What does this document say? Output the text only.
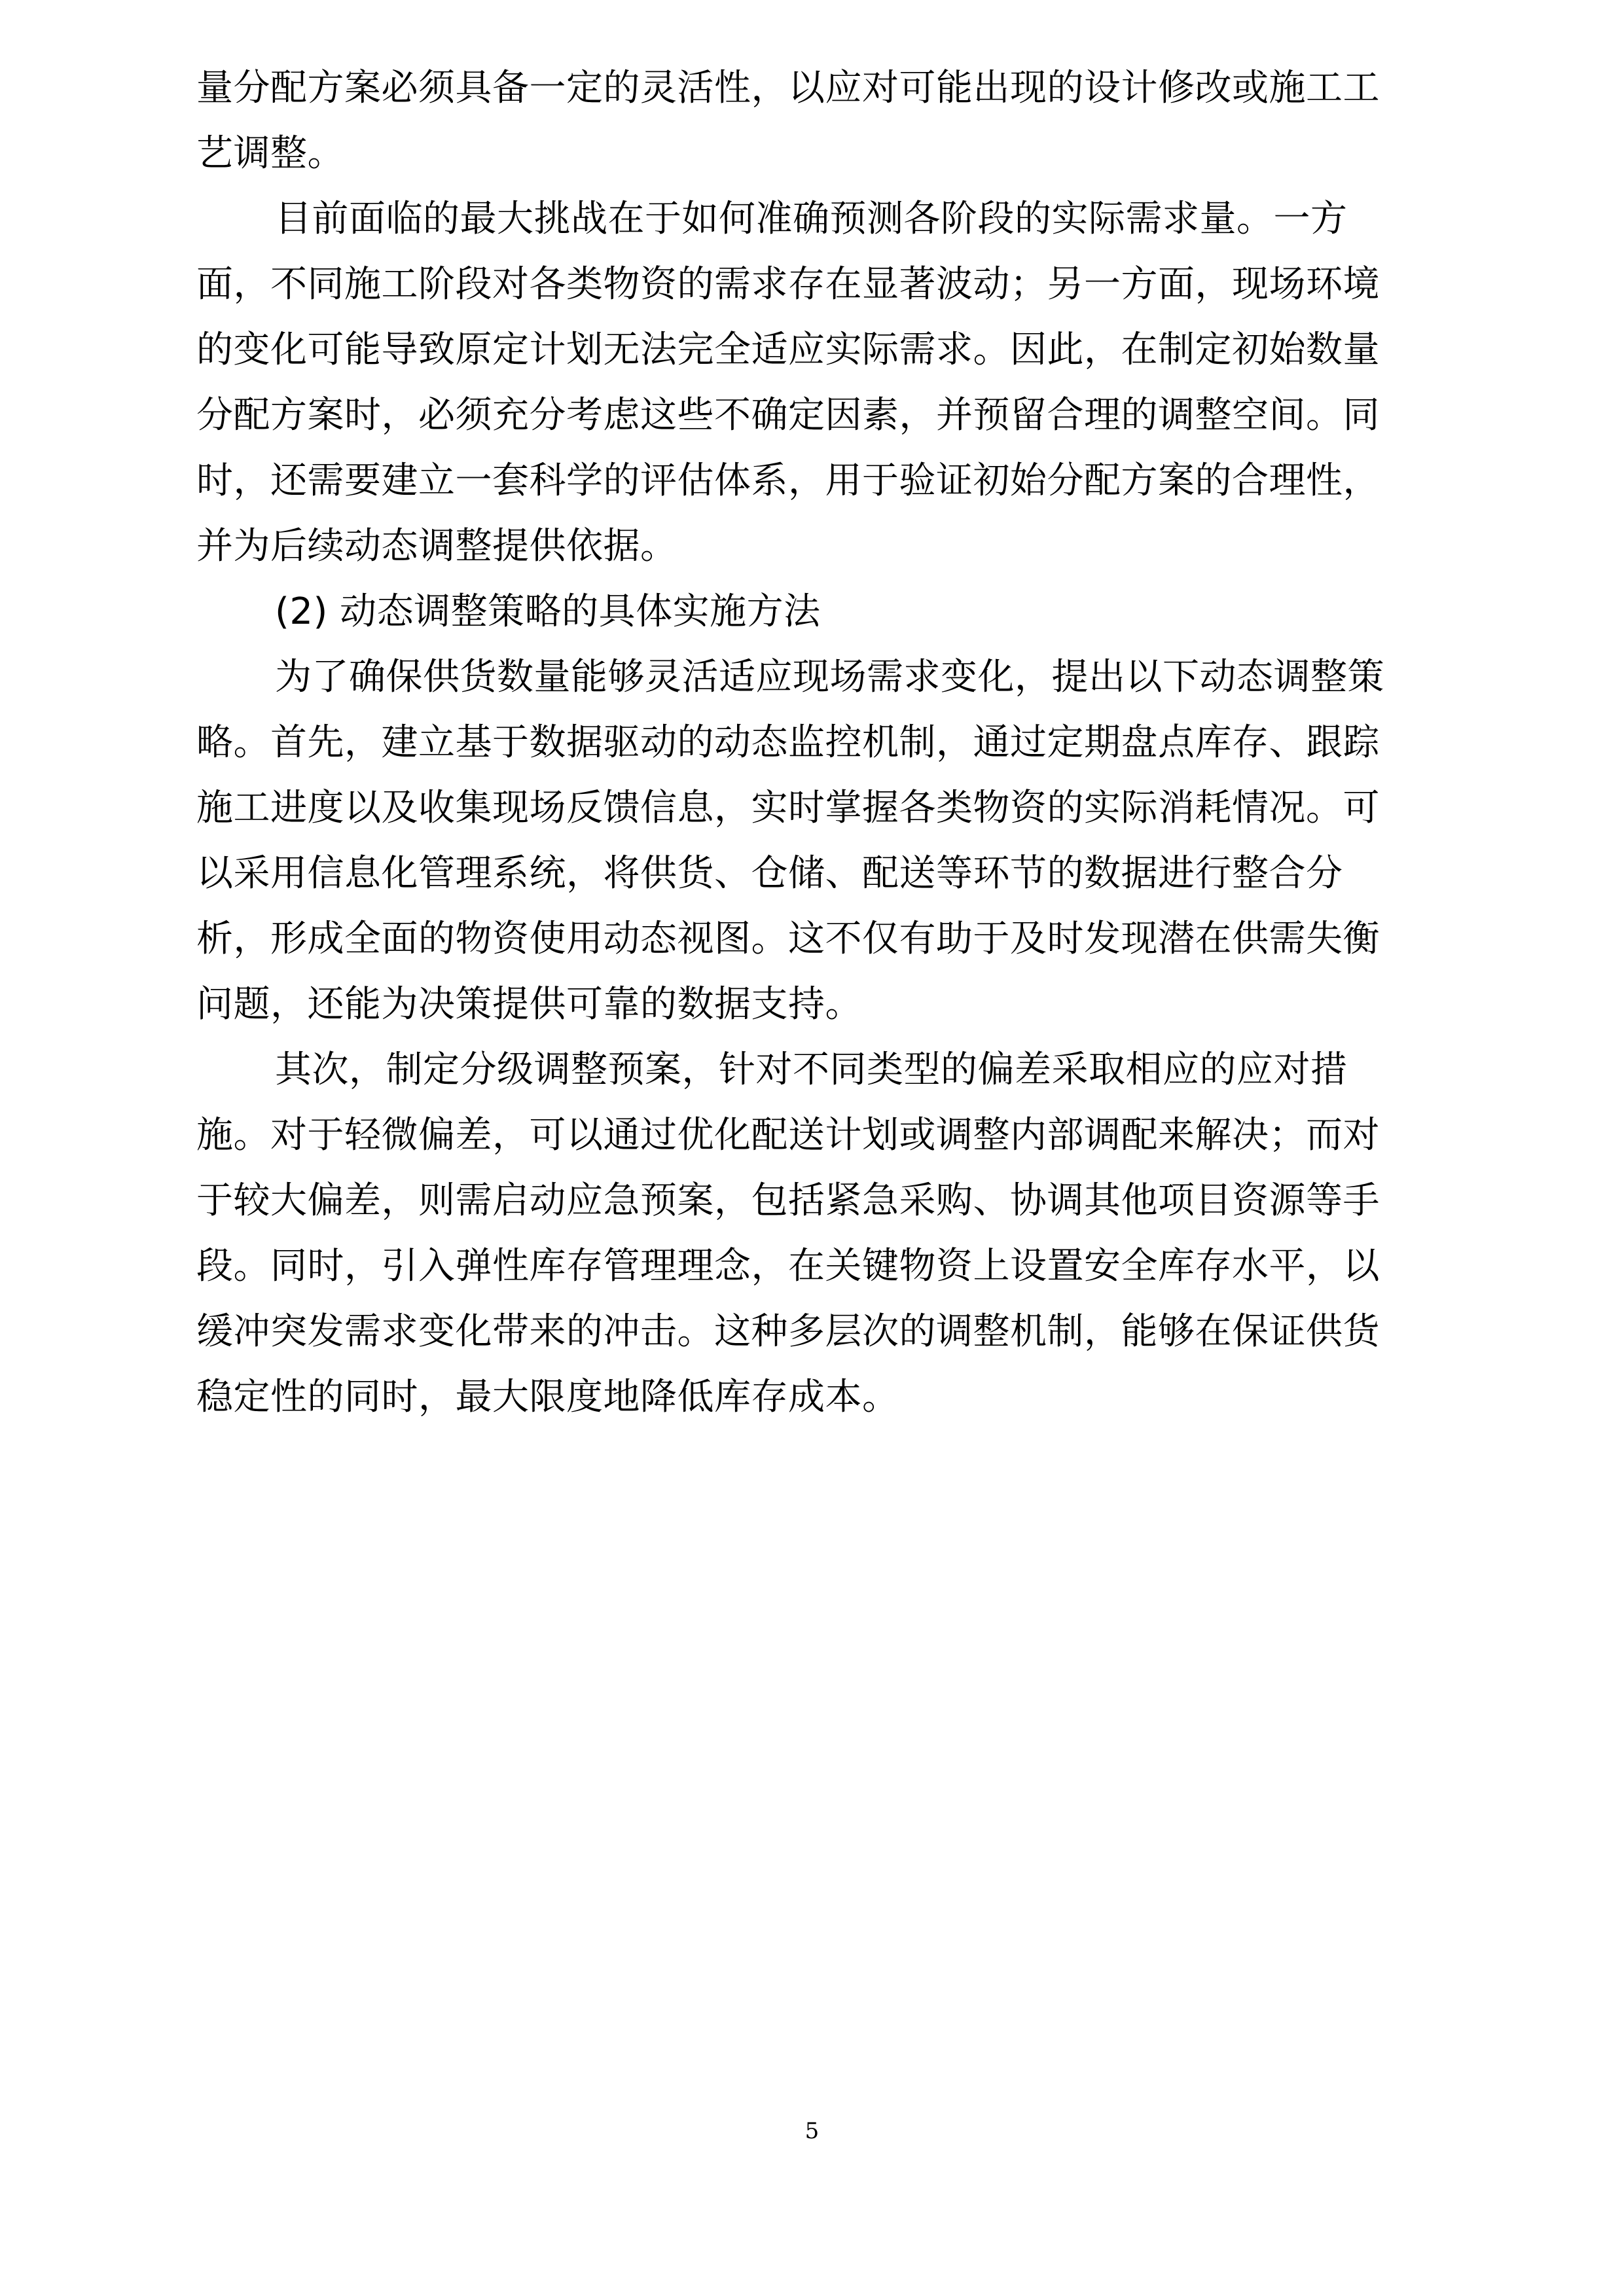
量分配方案必须具备一定的灵活性，以应对可能出现的设计修改或施工工
艺调整。
目前面临的最大挑战在于如何准确预测各阶段的实际需求量。一方
面，不同施工阶段对各类物资的需求存在显著波动；另一方面，现场环境
的变化可能导致原定计划无法完全适应实际需求。因此，在制定初始数量
分配方案时，必须充分考虑这些不确定因素，并预留合理的调整空间。同
时，还需要建立一套科学的评估体系，用于验证初始分配方案的合理性，
并为后续动态调整提供依据。
(2) 动态调整策略的具体实施方法
为了确保供货数量能够灵活适应现场需求变化，提出以下动态调整策
略。首先，建立基于数据驱动的动态监控机制，通过定期盘点库存、跟踪
施工进度以及收集现场反馈信息，实时掌握各类物资的实际消耗情况。可
以采用信息化管理系统，将供货、仓储、配送等环节的数据进行整合分
析，形成全面的物资使用动态视图。这不仅有助于及时发现潜在供需失衡
问题，还能为决策提供可靠的数据支持。
其次，制定分级调整预案，针对不同类型的偏差采取相应的应对措
施。对于轻微偏差，可以通过优化配送计划或调整内部调配来解决；而对
于较大偏差，则需启动应急预案，包括紧急采购、协调其他项目资源等手
段。同时，引入弹性库存管理理念，在关键物资上设置安全库存水平，以
缓冲突发需求变化带来的冲击。这种多层次的调整机制，能够在保证供货
稳定性的同时，最大限度地降低库存成本。
5
